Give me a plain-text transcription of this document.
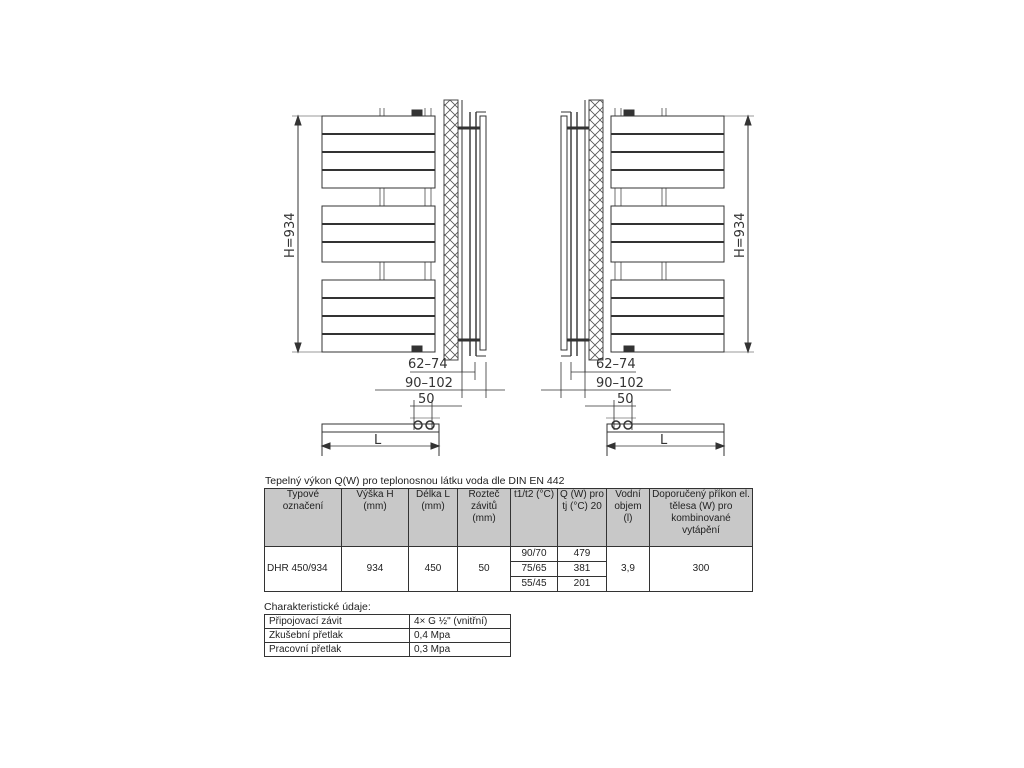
62–74
90–102
50
L
62–74
90–102
50
L
H=934	H=934
Tepelný výkon Q(W) pro teplonosnou látku voda dle DIN EN 442
Typové označení	Výška H (mm)	Délka L (mm)	Rozteč závitů (mm)	t1/t2 (°C)	Q (W) pro tj (°C) 20	Vodní objem (l)	Doporučený příkon el. tělesa (W) pro kombinované vytápění
DHR 450/934	934	450	50	90/70	479	3,9	300
				75/65	381		
				55/45	201		
Charakteristické údaje:
Připojovací závit	4× G ½" (vnitřní)
Zkušební přetlak	0,4 Mpa
Pracovní přetlak	0,3 Mpa
